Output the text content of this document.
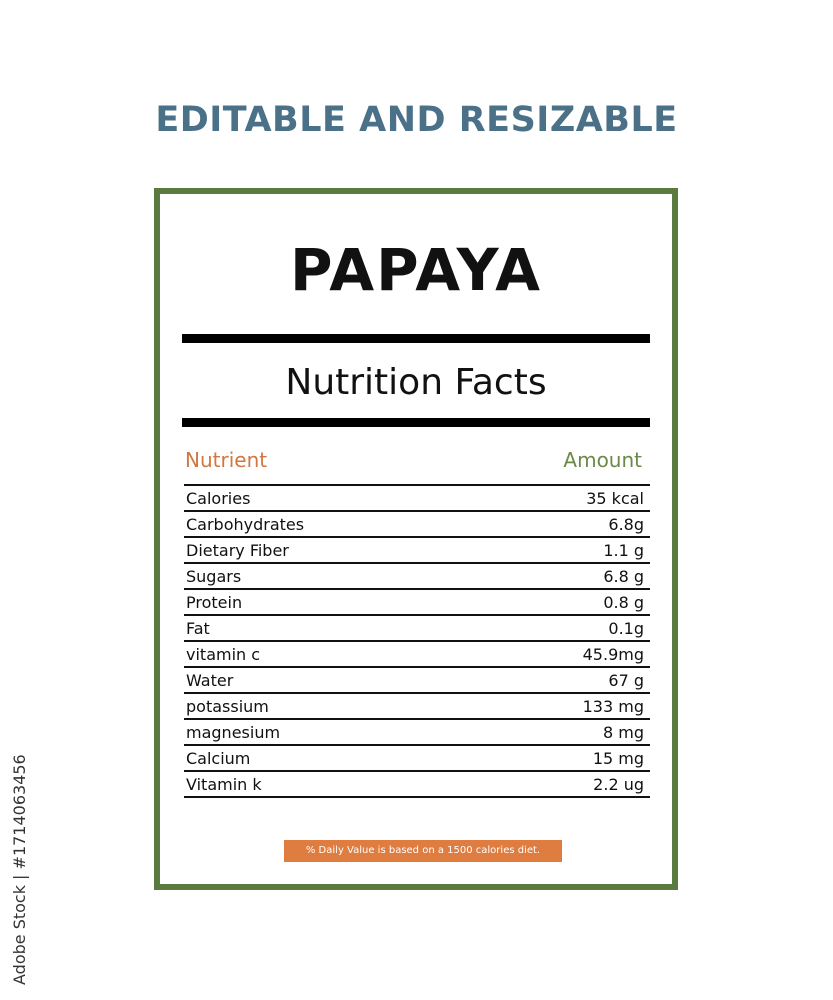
EDITABLE AND RESIZABLE
PAPAYA
Nutrition Facts
Nutrient	Amount
Calories	35 kcal
Carbohydrates	6.8g
Dietary Fiber	1.1 g
Sugars	6.8 g
Protein	0.8 g
Fat	0.1g
vitamin c	45.9mg
Water	67 g
potassium	133 mg
magnesium	8 mg
Calcium	15 mg
Vitamin k	2.2 ug
% Daily Value is based on a 1500 calories diet.
Adobe Stock | #1714063456
